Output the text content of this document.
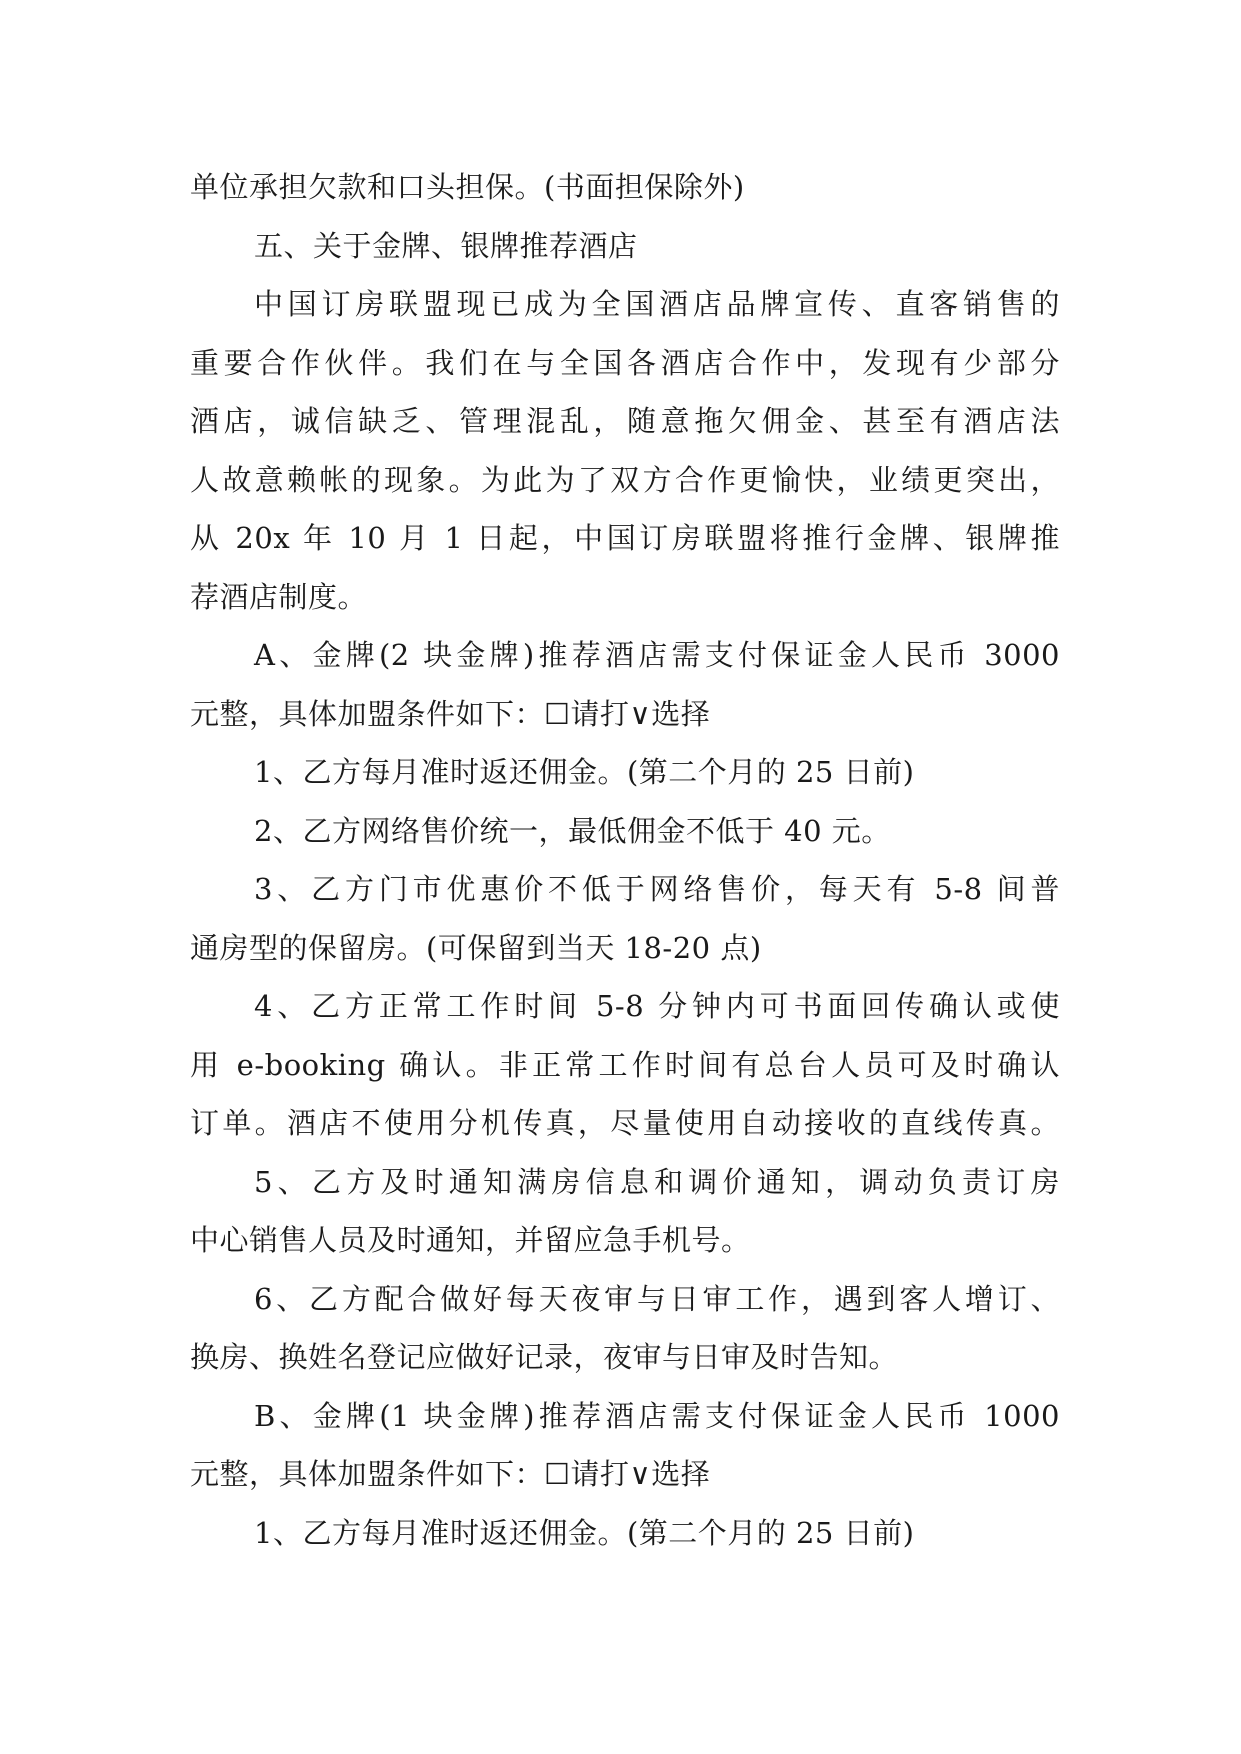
单位承担欠款和口头担保。(书面担保除外)
五、关于金牌、银牌推荐酒店
中国订房联盟现已成为全国酒店品牌宣传、直客销售的
重要合作伙伴。我们在与全国各酒店合作中，发现有少部分
酒店，诚信缺乏、管理混乱，随意拖欠佣金、甚至有酒店法
人故意赖帐的现象。为此为了双方合作更愉快，业绩更突出，
从 20x 年 10 月 1 日起，中国订房联盟将推行金牌、银牌推
荐酒店制度。
A、金牌(2 块金牌)推荐酒店需支付保证金人民币 3000
元整，具体加盟条件如下：☐请打∨选择
1、乙方每月准时返还佣金。(第二个月的 25 日前)
2、乙方网络售价统一，最低佣金不低于 40 元。
3、乙方门市优惠价不低于网络售价，每天有 5-8 间普
通房型的保留房。(可保留到当天 18-20 点)
4、乙方正常工作时间 5-8 分钟内可书面回传确认或使
用 e-booking 确认。非正常工作时间有总台人员可及时确认
订单。酒店不使用分机传真，尽量使用自动接收的直线传真。
5、乙方及时通知满房信息和调价通知，调动负责订房
中心销售人员及时通知，并留应急手机号。
6、乙方配合做好每天夜审与日审工作，遇到客人增订、
换房、换姓名登记应做好记录，夜审与日审及时告知。
B、金牌(1 块金牌)推荐酒店需支付保证金人民币 1000
元整，具体加盟条件如下：☐请打∨选择
1、乙方每月准时返还佣金。(第二个月的 25 日前)
